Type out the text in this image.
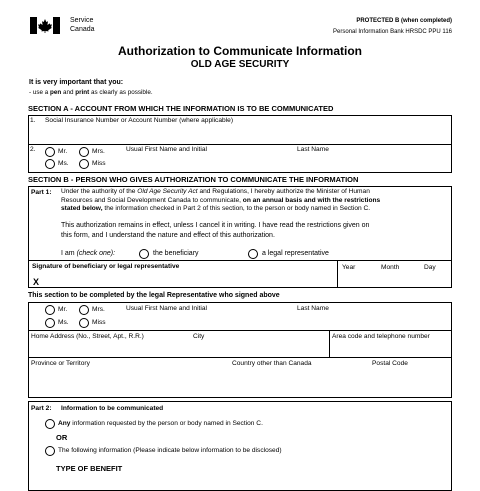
Service
Canada
PROTECTED B (when completed)
Personal Information Bank HRSDC PPU 116
Authorization to Communicate Information
OLD AGE SECURITY
It is very important that you:
- use a pen and print as clearly as possible.
SECTION A - ACCOUNT FROM WHICH THE INFORMATION IS TO BE COMMUNICATED
1. Social Insurance Number or Account Number (where applicable)
2.	Mr.	Mrs.
Ms.	Miss
Usual First Name and Initial	Last Name
SECTION B - PERSON WHO GIVES AUTHORIZATION TO COMMUNICATE THE INFORMATION
Part 1: Under the authority of the Old Age Security Act and Regulations, I hereby authorize the Minister of Human
Resources and Social Development Canada to communicate, on an annual basis and with the restrictions
stated below, the information checked in Part 2 of this section, to the person or body named in Section C.
This authorization remains in effect, unless I cancel it in writing. I have read the restrictions given on
this form, and I understand the nature and effect of this authorization.
I am (check one):	the beneficiary	a legal representative
Signature of beneficiary or legal representative
X
Year	Month	Day
This section to be completed by the legal Representative who signed above
Mr.	Mrs.
Ms.	Miss
Usual First Name and Initial	Last Name
Home Address (No., Street, Apt., R.R.)	City	Area code and telephone number
Province or Territory	Country other than Canada	Postal Code
Part 2: Information to be communicated
Any information requested by the person or body named in Section C.
OR
The following information (Please indicate below information to be disclosed)
TYPE OF BENEFIT
